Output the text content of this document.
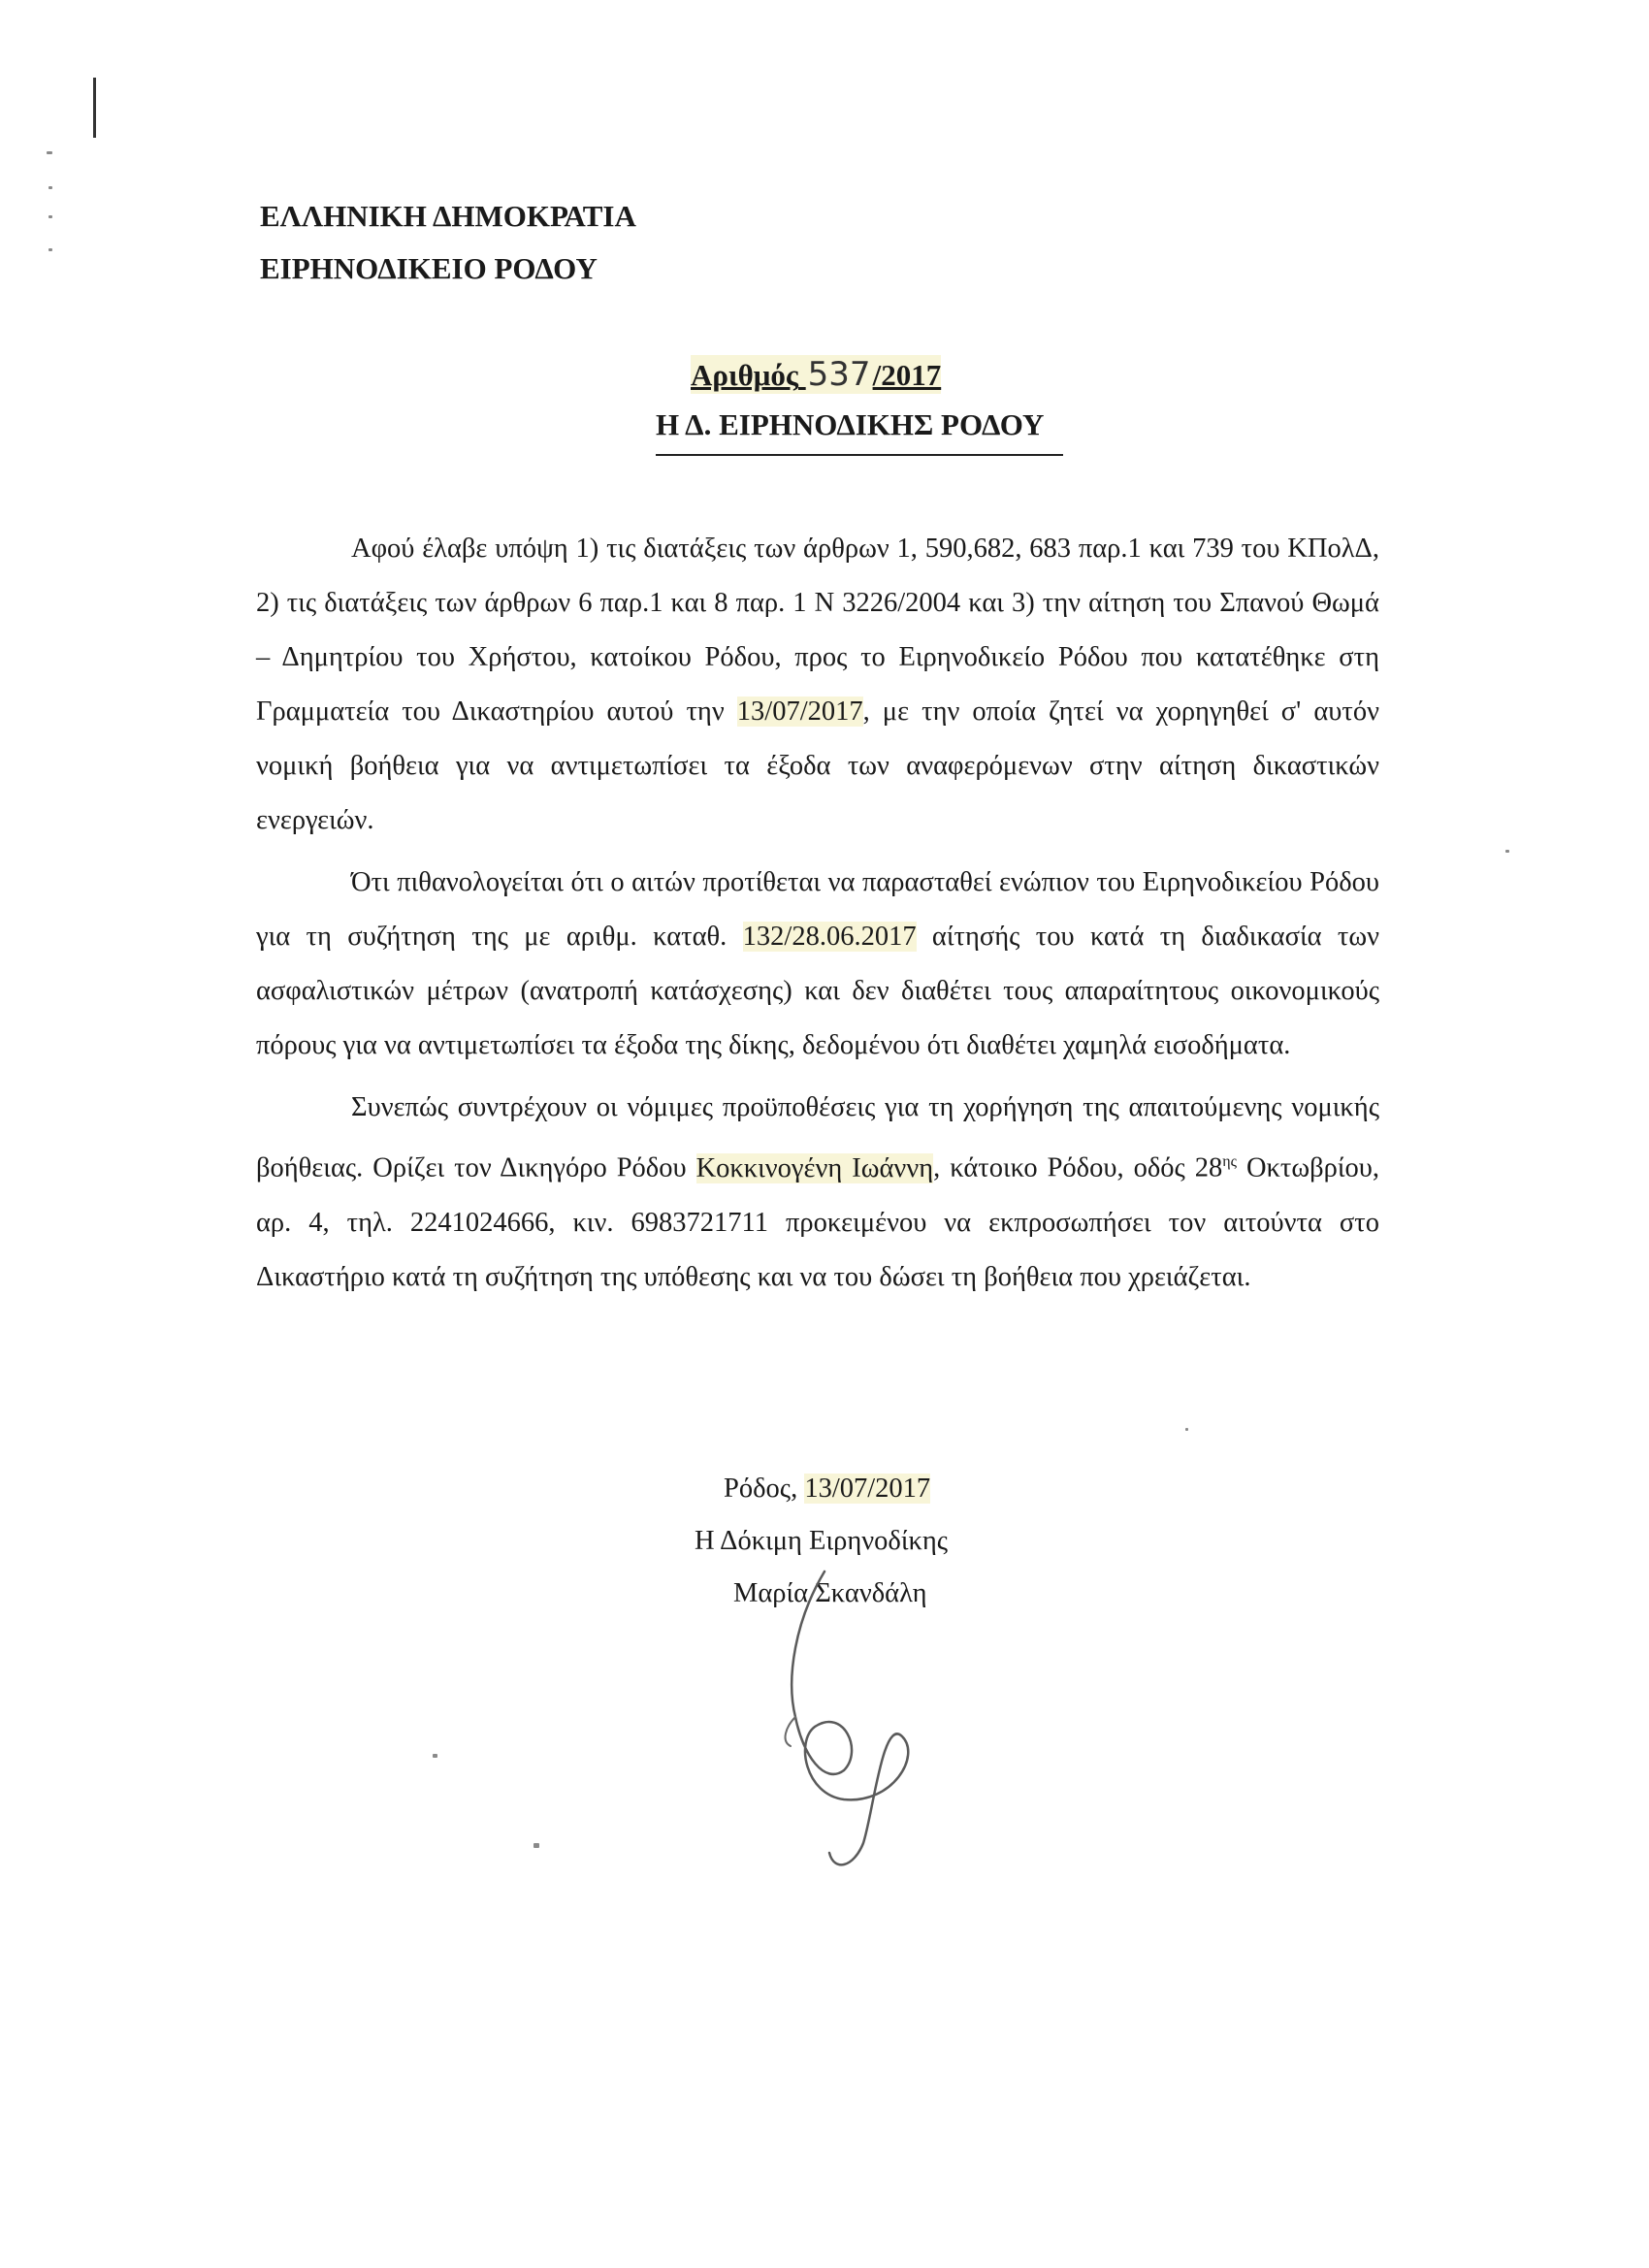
ΕΛΛΗΝΙΚΗ ΔΗΜΟΚΡΑΤΙΑ
ΕΙΡΗΝΟΔΙΚΕΙΟ ΡΟΔΟΥ
Αριθμός 537/2017
Η Δ. ΕΙΡΗΝΟΔΙΚΗΣ ΡΟΔΟΥ

Αφού έλαβε υπόψη 1) τις διατάξεις των άρθρων 1, 590,682, 683 παρ.1 και 739 του ΚΠολΔ, 2) τις διατάξεις των άρθρων 6 παρ.1 και 8 παρ. 1 Ν 3226/2004 και 3) την αίτηση του Σπανού Θωμά – Δημητρίου του Χρήστου, κατοίκου Ρόδου, προς το Ειρηνοδικείο Ρόδου που κατατέθηκε στη Γραμματεία του Δικαστηρίου αυτού την 13/07/2017, με την οποία ζητεί να χορηγηθεί σ' αυτόν νομική βοήθεια για να αντιμετωπίσει τα έξοδα των αναφερόμενων στην αίτηση δικαστικών ενεργειών.

Ότι πιθανολογείται ότι ο αιτών προτίθεται να παρασταθεί ενώπιον του Ειρηνοδικείου Ρόδου για τη συζήτηση της με αριθμ. καταθ. 132/28.06.2017 αίτησής του κατά τη διαδικασία των ασφαλιστικών μέτρων (ανατροπή κατάσχεσης) και δεν διαθέτει τους απαραίτητους οικονομικούς πόρους για να αντιμετωπίσει τα έξοδα της δίκης, δεδομένου ότι διαθέτει χαμηλά εισοδήματα.

Συνεπώς συντρέχουν οι νόμιμες προϋποθέσεις για τη χορήγηση της απαιτούμενης νομικής βοήθειας. Ορίζει τον Δικηγόρο Ρόδου Κοκκινογένη Ιωάννη, κάτοικο Ρόδου, οδός $28^{\eta\varsigma}$ Οκτωβρίου, αρ. 4, τηλ. 2241024666, κιν. 6983721711 προκειμένου να εκπροσωπήσει τον αιτούντα στο Δικαστήριο κατά τη συζήτηση της υπόθεσης και να του δώσει τη βοήθεια που χρειάζεται.

Ρόδος, 13/07/2017
Η Δόκιμη Ειρηνοδίκης
Μαρία Σκανδάλη
